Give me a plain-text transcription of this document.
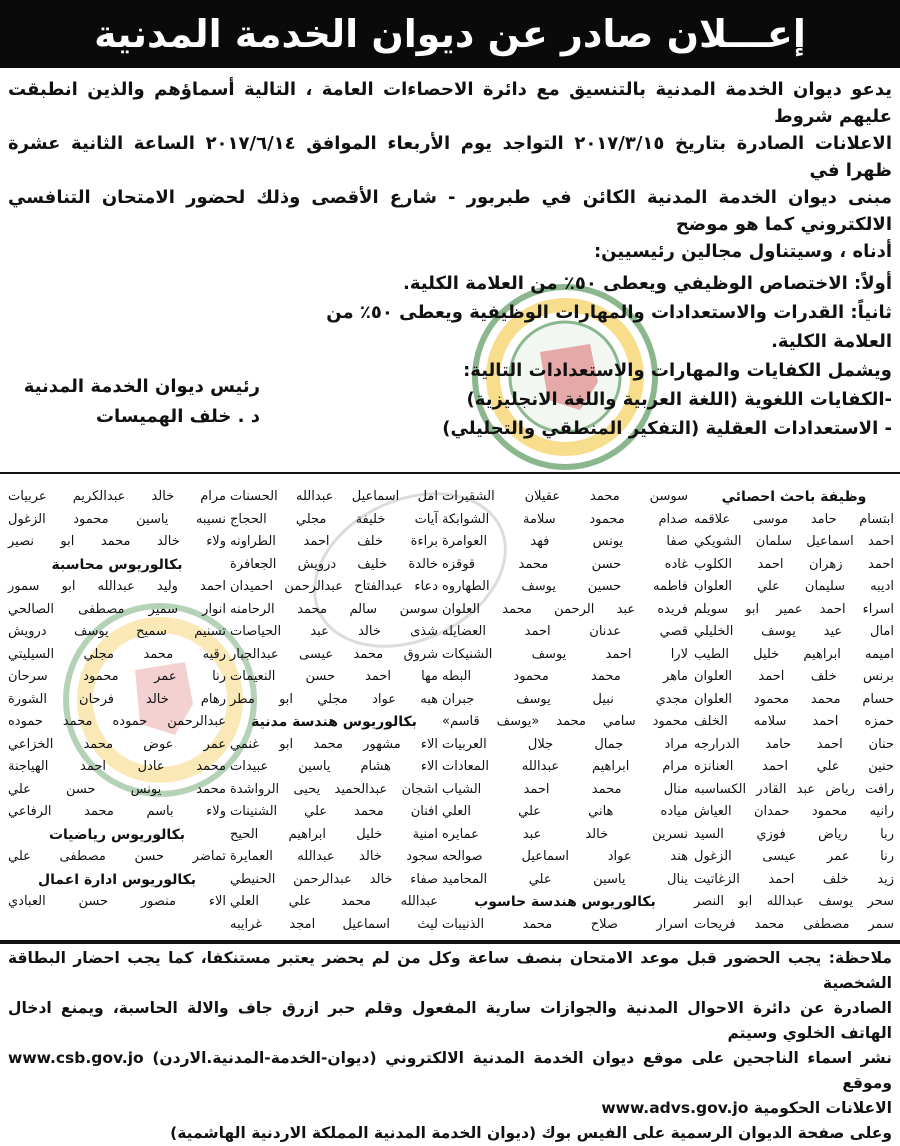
إعـــلان صادر عن ديوان الخدمة المدنية
يدعو ديوان الخدمة المدنية بالتنسيق مع دائرة الاحصاءات العامة ، التالية أسماؤهم والذين انطبقت عليهم شروط
الاعلانات الصادرة بتاريخ ٢٠١٧/٣/١٥ التواجد يوم الأربعاء الموافق ٢٠١٧/٦/١٤ الساعة الثانية عشرة ظهرا في
مبنى ديوان الخدمة المدنية الكائن في طبربور - شارع الأقصى وذلك لحضور الامتحان التنافسي الالكتروني كما هو موضح
أدناه ، وسيتناول مجالين رئيسيين:
أولاً: الاختصاص الوظيفي ويعطى ٥٠٪ من العلامة الكلية.
ثانياً: القدرات والاستعدادات والمهارات الوظيفية ويعطى ٥٠٪ من العلامة الكلية.
ويشمل الكفايات والمهارات والاستعدادات التالية:
-الكفايات اللغوية (اللغة العربية واللغة الانجليزية)
- الاستعدادات العقلية (التفكير المنطقي والتحليلي)
رئيس ديوان الخدمة المدنية
د . خلف الهميسات
وظيفة باحث احصائي
ابتسام حامد موسى علاقمه
احمد اسماعيل سلمان الشويكي
احمد زهران احمد الكلوب
اديبه سليمان علي العلوان
اسراء احمد عمير ابو سويلم
امال عيد يوسف الخليلي
اميمه ابراهيم خليل الطيب
برنس خلف احمد العلوان
حسام محمد محمود العلوان
حمزه احمد سلامه الخلف
حنان احمد حامد الدرارجه
حنين علي احمد العنانزه
رافت رياض عبد القادر الكساسبه
رانيه محمود حمدان العياش
ربا رياض فوزي السيد
رنا عمر عيسى الزغول
زيد خلف احمد الزغاتيت
سحر يوسف عبدالله ابو النصر
سمر مصطفى محمد فريحات
سوسن محمد عقيلان الشقيرات
صدام محمود سلامة الشوابكة
صفا يونس فهد العوامرة
غاده حسن محمد قوقزه
فاطمه حسين يوسف الطهاروه
فريده عبد الرحمن محمد العلوان
قصي عدنان احمد العضايله
لارا احمد يوسف الشنيكات
ماهر محمد محمود البطه
مجدي نبيل يوسف جبران
محمود سامي محمد «يوسف قاسم»
مراد جمال جلال العربيات
مرام ابراهيم عبدالله المعادات
منال محمد احمد الشياب
مياده هاني علي العلي
نسرين خالد عبد عمايره
هند عواد اسماعيل صوالحه
ينال ياسين علي المحاميد
بكالوريوس هندسة حاسوب
اسرار صلاح محمد الذنيبات
امل اسماعيل عبدالله الحسنات
آيات خليفة مجلي الحجاج
براءة خلف احمد الطراونه
خالدة خليف درويش الجعافرة
دعاء عبدالفتاح عبدالرحمن احميدان
سوسن سالم محمد الرحامنه
شذى خالد عبد الحياصات
شروق محمد عيسى عبدالجبار
مها احمد حسن النعيمات
هبه عواد مجلي ابو مطر
بكالوريوس هندسة مدنية
الاء مشهور محمد ابو غنمي
الاء هشام ياسين عبيدات
اشجان عبدالحميد يحيى الرواشدة
افنان محمد علي الشنينات
امنية خليل ابراهيم الحيح
سجود خالد عبدالله العمايرة
صفاء خالد عبدالرحمن الحنيطي
عبدالله محمد علي العلي
ليث اسماعيل امجد غرايبه
مرام خالد عبدالكريم عربيات
نسيبه ياسين محمود الزغول
ولاء خالد محمد ابو نصير
بكالوريوس محاسبة
احمد وليد عبدالله ابو سمور
انوار سمير مصطفى الصالحي
تسنيم سميح يوسف درويش
رقيه محمد مجلي السيليتي
رنا عمر محمود سرحان
رهام خالد فرحان الشورة
عبدالرحمن حموده محمد حموده
عمر عوض محمد الخزاعي
محمد عادل احمد الهياجنة
محمد يونس حسن علي
ولاء باسم محمد الرفاعي
بكالوريوس رياضيات
تماضر حسن مصطفى علي
بكالوريوس ادارة اعمال
الاء منصور حسن العبادي
ملاحظة: يجب الحضور قبل موعد الامتحان بنصف ساعة وكل من لم يحضر يعتبر مستنكفا، كما يجب احضار البطاقة الشخصية
الصادرة عن دائرة الاحوال المدنية والجوازات سارية المفعول وقلم حبر ازرق جاف والالة الحاسبة، ويمنع ادخال الهاتف الخلوي وسيتم
نشر اسماء الناجحين على موقع ديوان الخدمة المدنية الالكتروني (ديوان-الخدمة-المدنية.الاردن) www.csb.gov.jo وموقع
الاعلانات الحكومية www.advs.gov.jo
وعلى صفحة الديوان الرسمية على الفيس بوك (ديوان الخدمة المدنية المملكة الاردنية الهاشمية)
